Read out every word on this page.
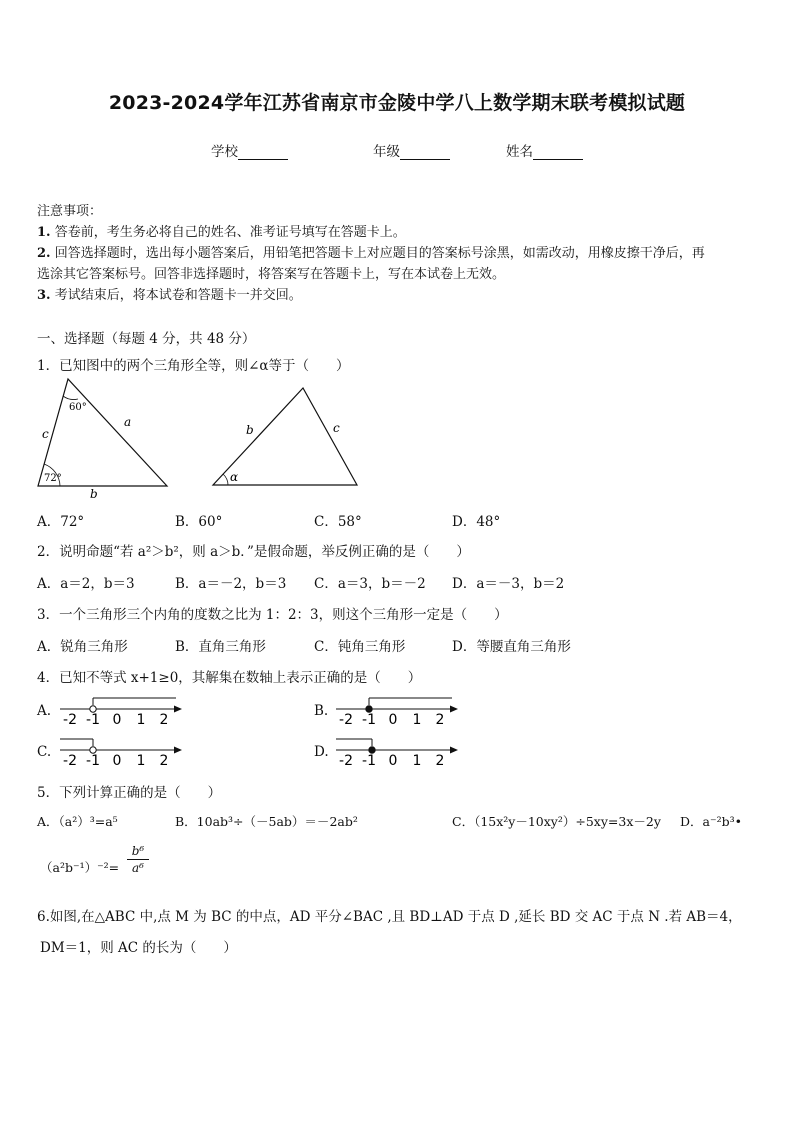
2023-2024学年江苏省南京市金陵中学八上数学期末联考模拟试题
学校	年级	姓名
注意事项：
1. 答卷前，考生务必将自己的姓名、准考证号填写在答题卡上。
2. 回答选择题时，选出每小题答案后，用铅笔把答题卡上对应题目的答案标号涂黑，如需改动，用橡皮擦干净后，再
选涂其它答案标号。回答非选择题时，将答案写在答题卡上，写在本试卷上无效。
3. 考试结束后，将本试卷和答题卡一并交回。
一、选择题（每题 4 分，共 48 分）
1．已知图中的两个三角形全等，则∠α等于（　　）
60°
72°
a
c
b
α
b	c
A．72°	B．60°	C．58°	D．48°
2．说明命题“若 a²＞b²，则 a＞b．”是假命题，举反例正确的是（　　）
A．a＝2，b＝3	B．a＝－2，b＝3 C．a＝3，b＝－2 D．a＝－3，b＝2
3．一个三角形三个内角的度数之比为 1：2：3，则这个三角形一定是（　　）
A．锐角三角形	B．直角三角形	C．钝角三角形	D．等腰直角三角形
4．已知不等式 x+1≥0，其解集在数轴上表示正确的是（　　）
A.
-2 -1 0 1 2
B.
-2 -1 0 1 2
C.
-2 -1 0 1 2
D.
-2 -1 0 1 2
5．下列计算正确的是（　　）
A．（a²）³=a⁵	B．10ab³÷（－5ab）＝－2ab²	C．（15x²y－10xy²）÷5xy=3x－2y D．a⁻²b³•
（a²b⁻¹）⁻²=
b⁶
a⁶
6.如图,在△ABC 中,点 M 为 BC 的中点，AD 平分∠BAC ,且 BD⊥AD 于点 D ,延长 BD 交 AC 于点 N .若 AB＝4，
DM＝1，则 AC 的长为（　　）
